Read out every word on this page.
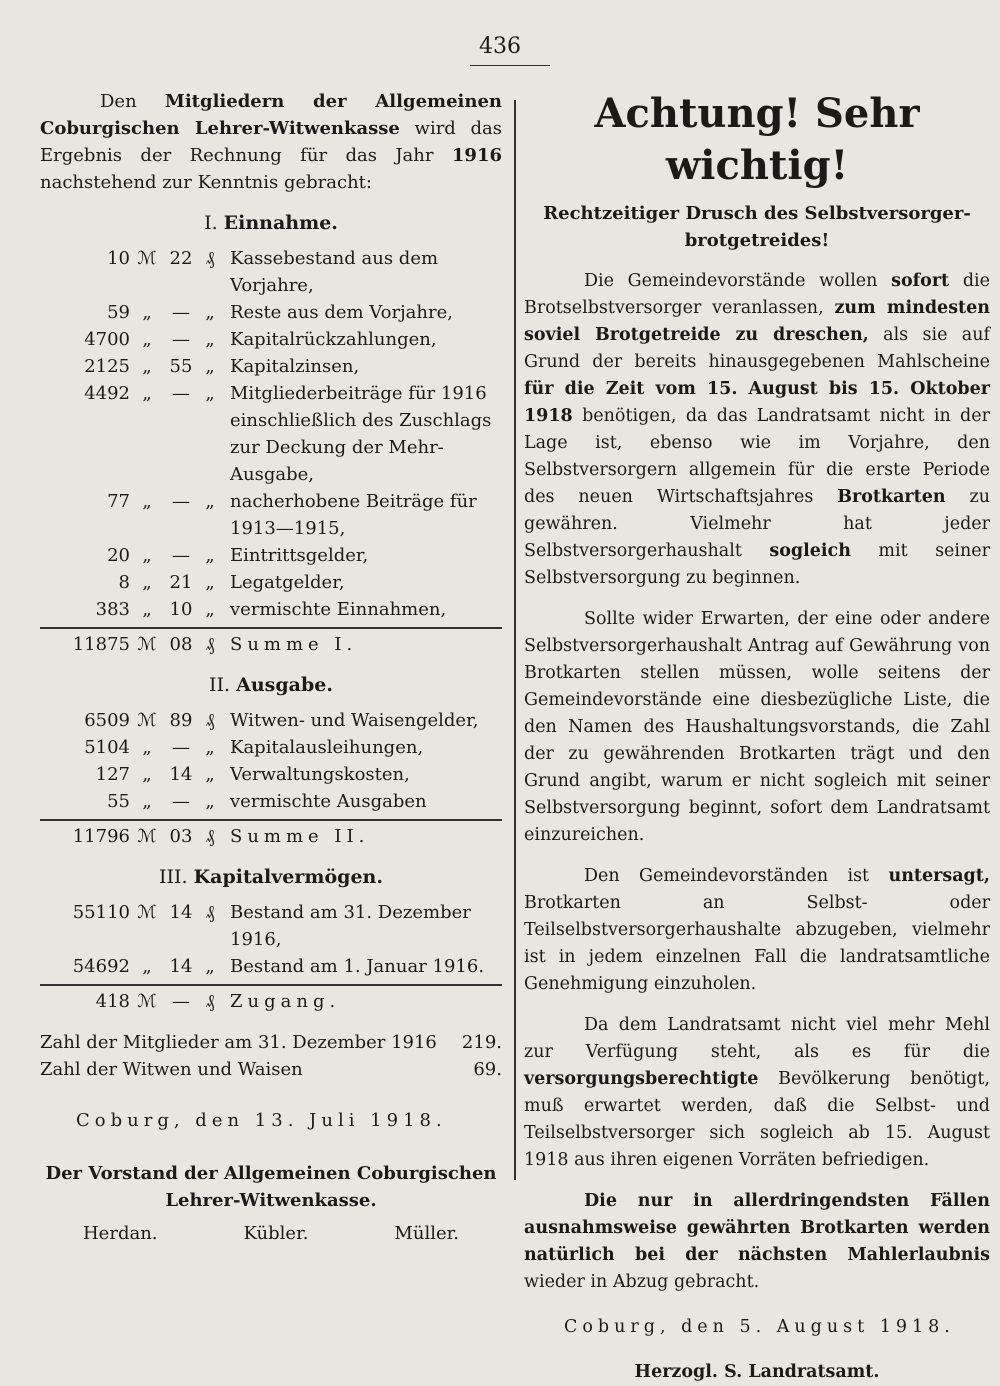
436
Den Mitgliedern der Allgemeinen Coburgischen Lehrer-Witwenkasse wird das Ergebnis der Rechnung für das Jahr 1916 nachstehend zur Kenntnis gebracht:
I. Einnahme.
10 ℳ 22 ₰ Kassebestand aus dem Vorjahre,
59 „	— „ Reste aus dem Vorjahre,
4700 „	— „ Kapitalrückzahlungen,
2125 „ 55 „ Kapitalzinsen,
4492 „	— „ Mitgliederbeiträge für 1916 einschließlich des Zuschlags zur Deckung der Mehr-Ausgabe,
77 „	— „ nacherhobene Beiträge für 1913—1915,
20 „	— „ Eintrittsgelder,
8 „ 21 „ Legatgelder,
383 „ 10 „ vermischte Einnahmen,
11875 ℳ 08 ₰ Summe I.
II. Ausgabe.
6509 ℳ 89 ₰ Witwen- und Waisengelder,
5104 „	— „ Kapitalausleihungen,
127 „ 14 „ Verwaltungskosten,
55 „	— „ vermischte Ausgaben
11796 ℳ 03 ₰ Summe II.
III. Kapitalvermögen.
55110 ℳ 14 ₰ Bestand am 31. Dezember 1916,
54692 „ 14 „ Bestand am 1. Januar 1916.
418 ℳ — ₰ Zugang.
Zahl der Mitglieder am 31. Dezember 1916 219.
Zahl der Witwen und Waisen	69.
Coburg, den 13. Juli 1918.
Der Vorstand der Allgemeinen Coburgischen Lehrer-Witwenkasse.
Herdan.	Kübler.	Müller.
Achtung! Sehr wichtig!
Rechtzeitiger Drusch des Selbstversorger-brotgetreides!
Die Gemeindevorstände wollen sofort die Brotselbstversorger veranlassen, zum mindesten soviel Brotgetreide zu dreschen, als sie auf Grund der bereits hinausgegebenen Mahlscheine für die Zeit vom 15. August bis 15. Oktober 1918 benötigen, da das Landratsamt nicht in der Lage ist, ebenso wie im Vorjahre, den Selbstversorgern allgemein für die erste Periode des neuen Wirtschaftsjahres Brotkarten zu gewähren. Vielmehr hat jeder Selbstversorgerhaushalt sogleich mit seiner Selbstversorgung zu beginnen.
Sollte wider Erwarten, der eine oder andere Selbstversorgerhaushalt Antrag auf Gewährung von Brotkarten stellen müssen, wolle seitens der Gemeindevorstände eine diesbezügliche Liste, die den Namen des Haushaltungsvorstands, die Zahl der zu gewährenden Brotkarten trägt und den Grund angibt, warum er nicht sogleich mit seiner Selbstversorgung beginnt, sofort dem Landratsamt einzureichen.
Den Gemeindevorständen ist untersagt, Brotkarten an Selbst- oder Teilselbstversorgerhaushalte abzugeben, vielmehr ist in jedem einzelnen Fall die landratsamtliche Genehmigung einzuholen.
Da dem Landratsamt nicht viel mehr Mehl zur Verfügung steht, als es für die versorgungsberechtigte Bevölkerung benötigt, muß erwartet werden, daß die Selbst- und Teilselbstversorger sich sogleich ab 15. August 1918 aus ihren eigenen Vorräten befriedigen.
Die nur in allerdringendsten Fällen ausnahmsweise gewährten Brotkarten werden natürlich bei der nächsten Mahlerlaubnis wieder in Abzug gebracht.
Coburg, den 5. August 1918.
Herzogl. S. Landratsamt.
